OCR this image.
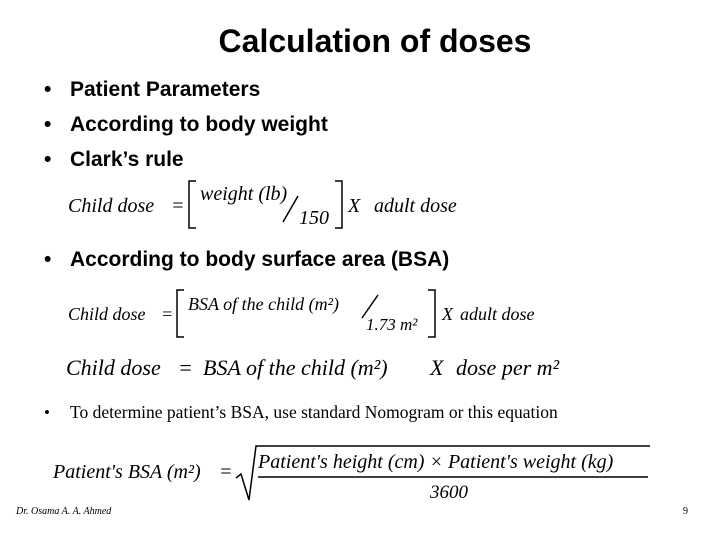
Calculation of doses
• Patient Parameters
• According to body weight
• Clark’s rule
Child dose =
weight (lb)
150
X adult dose
Child dose = BSA of the child (m²)
1.73 m²
X adult dose
Child dose = BSA of the child (m²) X dose per m²
Patient's BSA (m²) = Patient's height (cm) × Patient's weight (kg)
3600
• According to body surface area (BSA)
• To determine patient’s BSA, use standard Nomogram or this equation
Dr. Osama A. A. Ahmed	9
